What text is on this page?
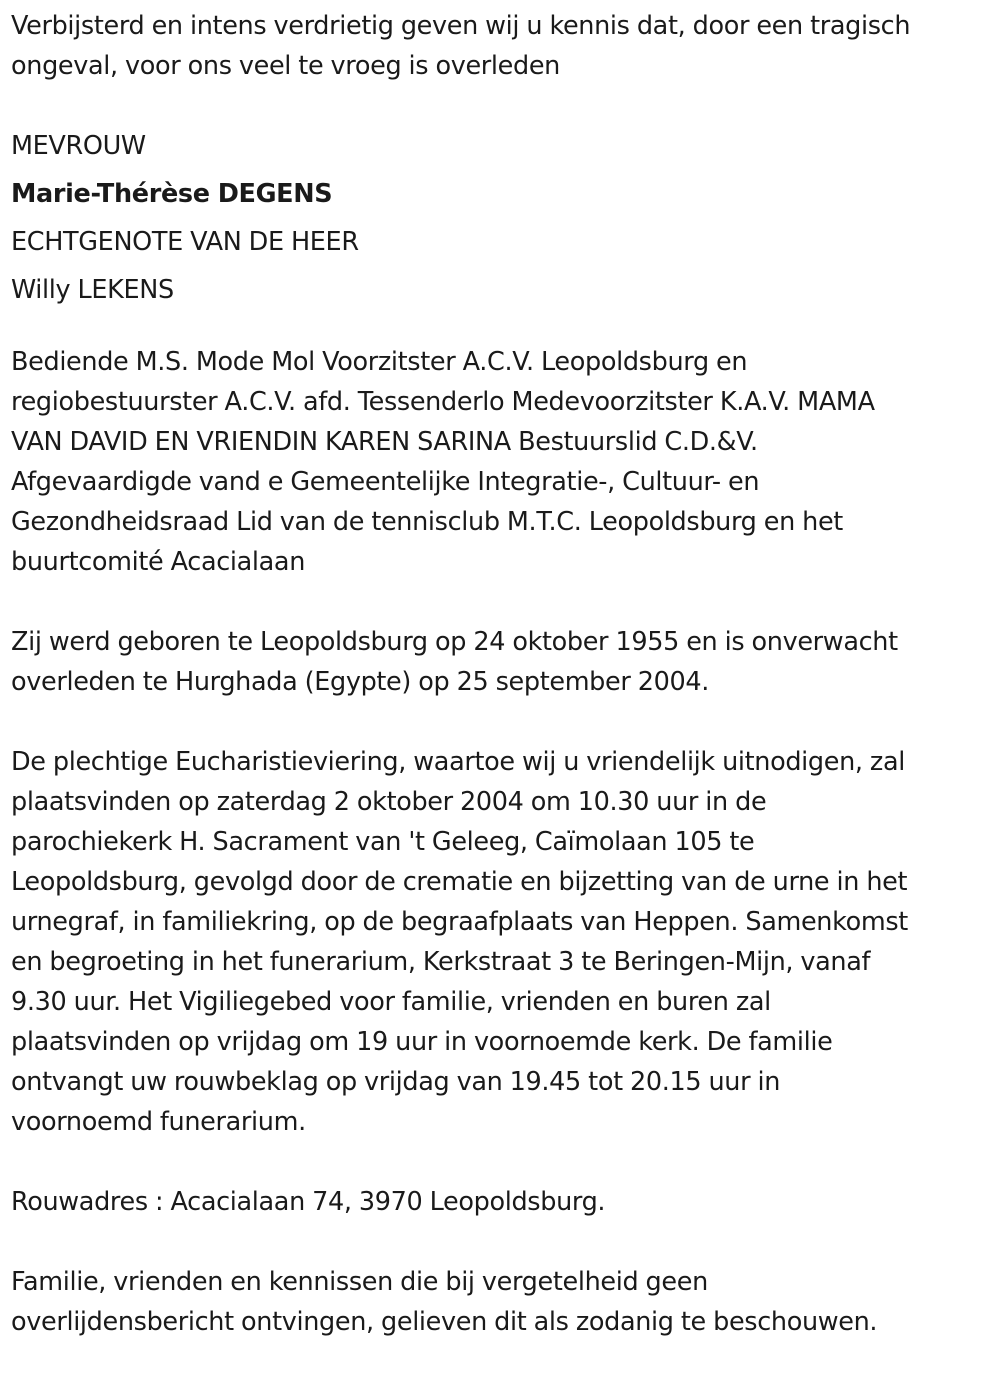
Verbijsterd en intens verdrietig geven wij u kennis dat, door een tragisch

ongeval, voor ons veel te vroeg is overleden

MEVROUW

Marie-Thérèse DEGENS

ECHTGENOTE VAN DE HEER

Willy LEKENS

Bediende M.S. Mode Mol Voorzitster A.C.V. Leopoldsburg en

regiobestuurster A.C.V. afd. Tessenderlo Medevoorzitster K.A.V. MAMA

VAN DAVID EN VRIENDIN KAREN SARINA Bestuurslid C.D.&V.

Afgevaardigde vand e Gemeentelijke Integratie-, Cultuur- en

Gezondheidsraad Lid van de tennisclub M.T.C. Leopoldsburg en het

buurtcomité Acacialaan

Zij werd geboren te Leopoldsburg op 24 oktober 1955 en is onverwacht

overleden te Hurghada (Egypte) op 25 september 2004.

De plechtige Eucharistieviering, waartoe wij u vriendelijk uitnodigen, zal

plaatsvinden op zaterdag 2 oktober 2004 om 10.30 uur in de

parochiekerk H. Sacrament van 't Geleeg, Caïmolaan 105 te

Leopoldsburg, gevolgd door de crematie en bijzetting van de urne in het

urnegraf, in familiekring, op de begraafplaats van Heppen. Samenkomst

en begroeting in het funerarium, Kerkstraat 3 te Beringen-Mijn, vanaf

9.30 uur. Het Vigiliegebed voor familie, vrienden en buren zal

plaatsvinden op vrijdag om 19 uur in voornoemde kerk. De familie

ontvangt uw rouwbeklag op vrijdag van 19.45 tot 20.15 uur in

voornoemd funerarium.

Rouwadres : Acacialaan 74, 3970 Leopoldsburg.

Familie, vrienden en kennissen die bij vergetelheid geen

overlijdensbericht ontvingen, gelieven dit als zodanig te beschouwen.
